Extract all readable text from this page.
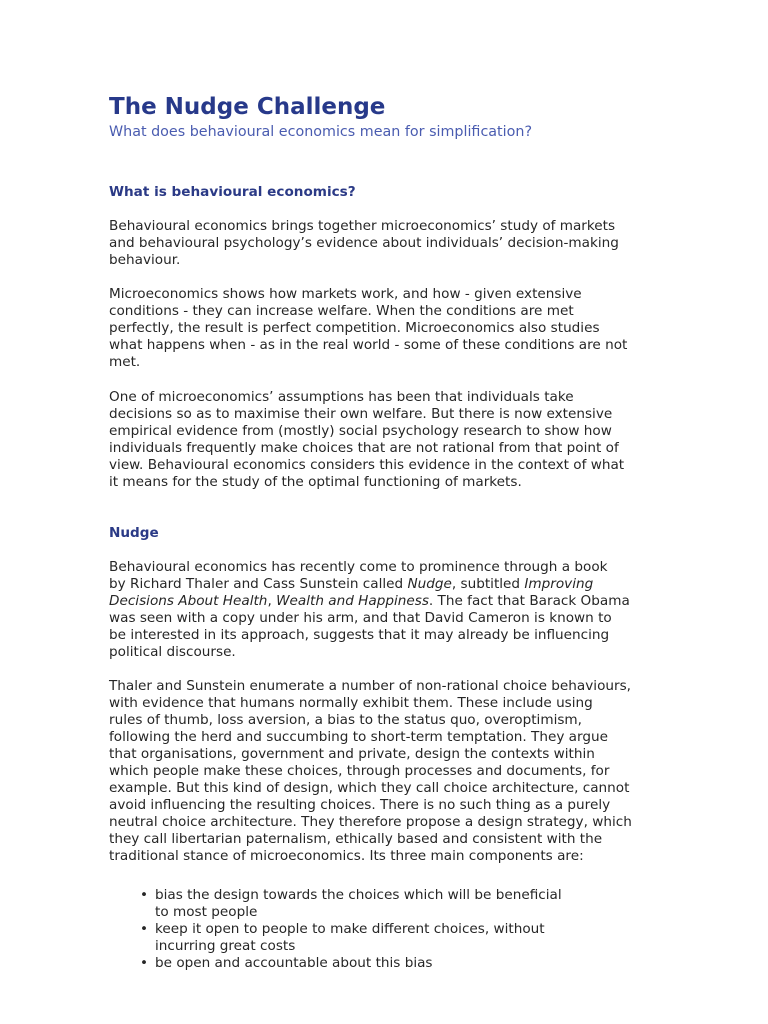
The Nudge Challenge

What does behavioural economics mean for simplification?

What is behavioural economics?

Behavioural economics brings together microeconomics’ study of markets
and behavioural psychology’s evidence about individuals’ decision-making
behaviour.

Microeconomics shows how markets work, and how - given extensive
conditions - they can increase welfare. When the conditions are met
perfectly, the result is perfect competition. Microeconomics also studies
what happens when - as in the real world - some of these conditions are not
met.

One of microeconomics’ assumptions has been that individuals take
decisions so as to maximise their own welfare. But there is now extensive
empirical evidence from (mostly) social psychology research to show how
individuals frequently make choices that are not rational from that point of
view. Behavioural economics considers this evidence in the context of what
it means for the study of the optimal functioning of markets.

Nudge

Behavioural economics has recently come to prominence through a book
by Richard Thaler and Cass Sunstein called Nudge, subtitled Improving
Decisions About Health, Wealth and Happiness. The fact that Barack Obama
was seen with a copy under his arm, and that David Cameron is known to
be interested in its approach, suggests that it may already be influencing
political discourse.

Thaler and Sunstein enumerate a number of non-rational choice behaviours,
with evidence that humans normally exhibit them. These include using
rules of thumb, loss aversion, a bias to the status quo, overoptimism,
following the herd and succumbing to short-term temptation. They argue
that organisations, government and private, design the contexts within
which people make these choices, through processes and documents, for
example. But this kind of design, which they call choice architecture, cannot
avoid influencing the resulting choices. There is no such thing as a purely
neutral choice architecture. They therefore propose a design strategy, which
they call libertarian paternalism, ethically based and consistent with the
traditional stance of microeconomics. Its three main components are:

• bias the design towards the choices which will be beneficial
to most people
• keep it open to people to make different choices, without
incurring great costs
• be open and accountable about this bias
